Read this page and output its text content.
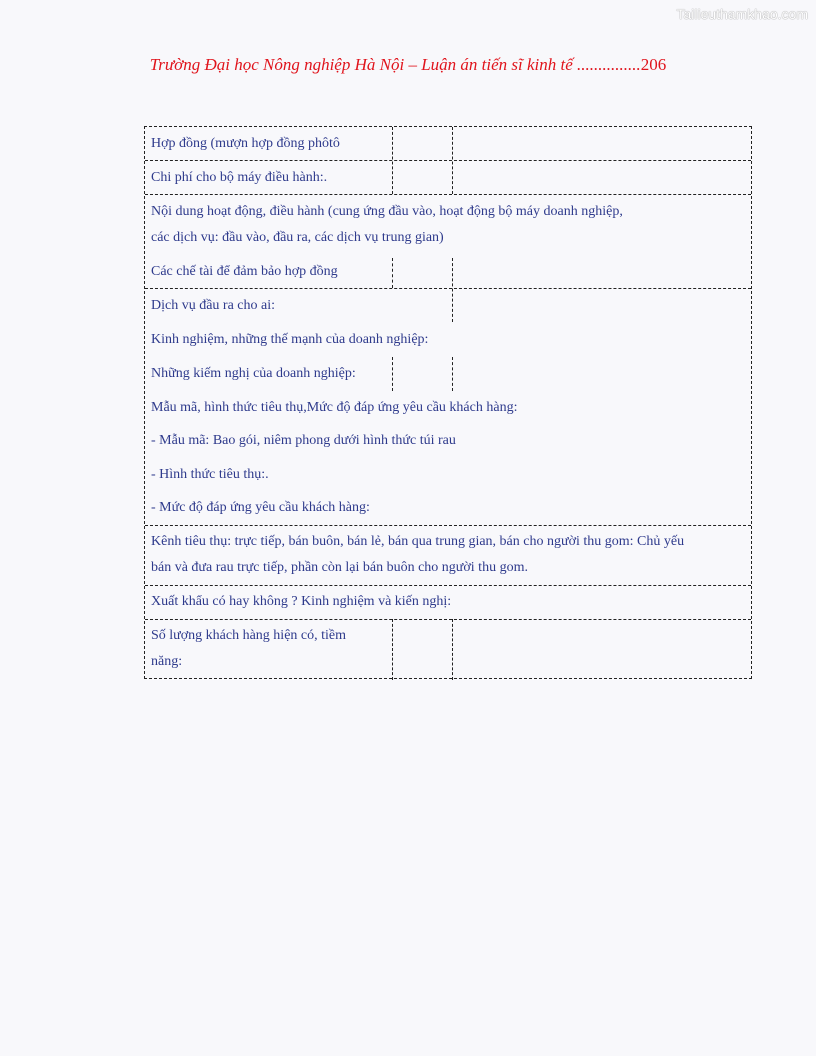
Tailieuthamkhao.com
Trường Đại học Nông nghiệp Hà Nội – Luận án tiến sĩ kinh tế ...............206
Hợp đồng (mượn hợp đồng phôtô
Chi phí cho bộ máy điều hành:.
Nội dung hoạt động, điều hành (cung ứng đầu vào, hoạt động bộ máy doanh nghiệp,
các dịch vụ: đầu vào, đầu ra, các dịch vụ trung gian)
Các chế tài để đảm bảo hợp đồng
Dịch vụ đầu ra cho ai:
Kinh nghiệm, những thế mạnh của doanh nghiệp:
Những kiếm nghị của doanh nghiệp:
Mẫu mã, hình thức tiêu thụ,Mức độ đáp ứng yêu cầu khách hàng:
- Mẫu mã: Bao gói, niêm phong dưới hình thức túi rau
- Hình thức tiêu thụ:.
- Mức độ đáp ứng yêu cầu khách hàng:
Kênh tiêu thụ: trực tiếp, bán buôn, bán lẻ, bán qua trung gian, bán cho người thu gom: Chủ yếu
bán và đưa rau trực tiếp, phần còn lại bán buôn cho người thu gom.
Xuất khẩu có hay không ? Kinh nghiệm và kiến nghị:
Số lượng khách hàng hiện có, tiềm
năng:
